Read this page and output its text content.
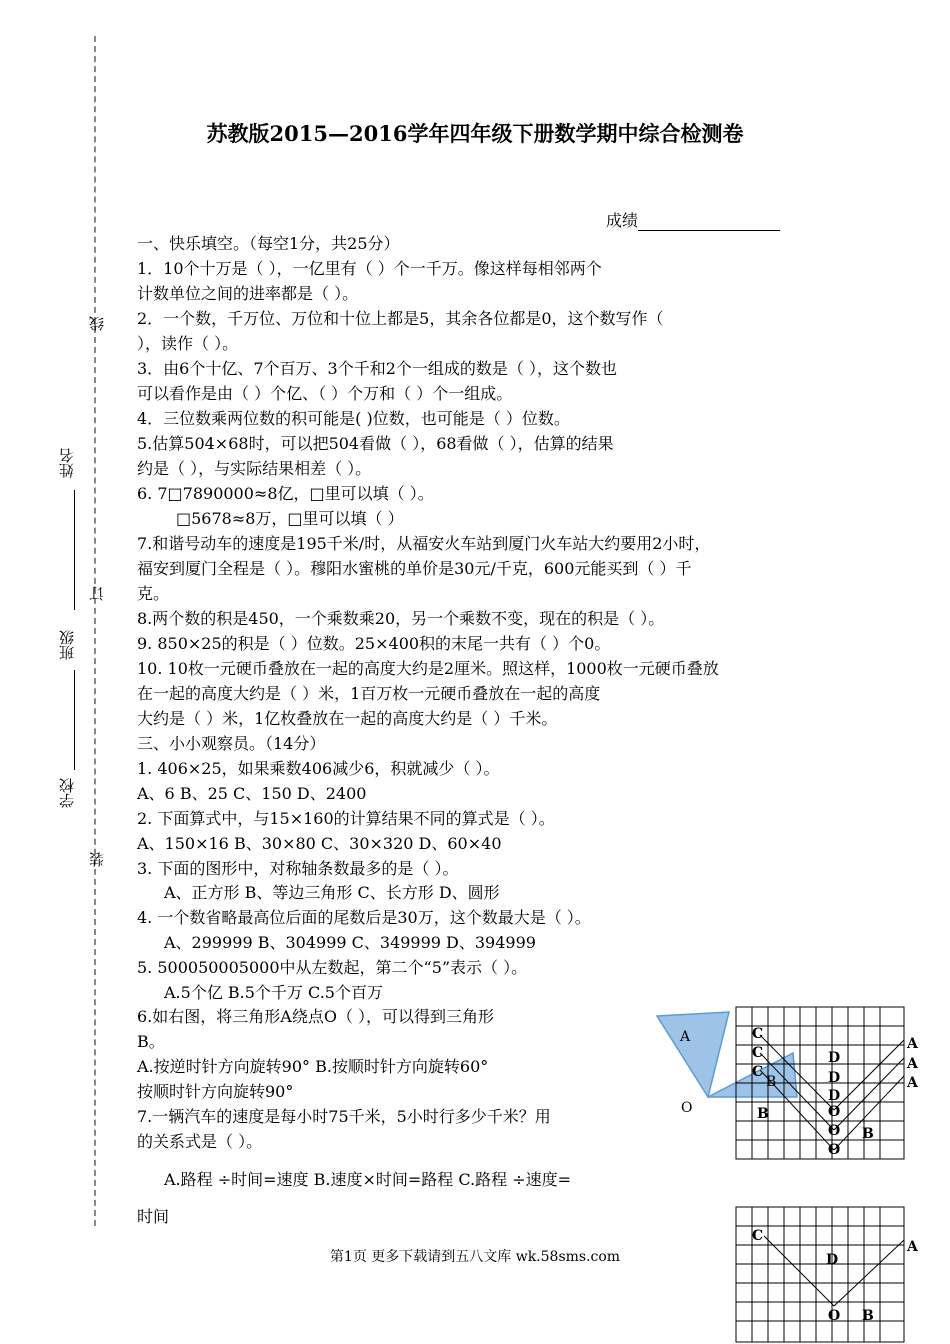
线
姓名
订
班级
学校
装
苏教版2015—2016学年四年级下册数学期中综合检测卷
成绩
一、快乐填空。（每空1分，共25分）
1．10个十万是（ ），一亿里有（ ）个一千万。像这样每相邻两个
计数单位之间的进率都是（ ）。
2．一个数，千万位、万位和十位上都是5，其余各位都是0，这个数写作（
），读作（ ）。
3．由6个十亿、7个百万、3个千和2个一组成的数是（ ），这个数也
可以看作是由（ ）个亿、（ ）个万和（ ）个一组成。
4．三位数乘两位数的积可能是( )位数，也可能是（ ）位数。
5.估算504×68时，可以把504看做（ ），68看做（ ），估算的结果
约是（ ），与实际结果相差（ ）。
6. 7□7890000≈8亿，□里可以填（ ）。
□5678≈8万，□里可以填（ ）
7.和谐号动车的速度是195千米/时，从福安火车站到厦门火车站大约要用2小时，
福安到厦门全程是（ ）。穆阳水蜜桃的单价是30元/千克，600元能买到（ ）千
克。
8.两个数的积是450，一个乘数乘20，另一个乘数不变，现在的积是（ ）。
9. 850×25的积是（ ）位数。25×400积的末尾一共有（ ）个0。
10. 10枚一元硬币叠放在一起的高度大约是2厘米。照这样，1000枚一元硬币叠放
在一起的高度大约是（ ）米，1百万枚一元硬币叠放在一起的高度
大约是（ ）米，1亿枚叠放在一起的高度大约是（ ）千米。
三、小小观察员。（14分）
1. 406×25，如果乘数406减少6，积就减少（ ）。
A、6 B、25 C、150 D、2400
2. 下面算式中，与15×160的计算结果不同的算式是（ ）。
A、150×16 B、30×80 C、30×320 D、60×40
3. 下面的图形中，对称轴条数最多的是（ ）。
A、正方形 B、等边三角形 C、长方形 D、圆形
4. 一个数省略最高位后面的尾数后是30万，这个数最大是（ ）。
A、299999 B、304999 C、349999 D、394999
5. 500050005000中从左数起，第二个“5”表示（ ）。
A.5个亿 B.5个千万 C.5个百万
6.如右图，将三角形A绕点O（ ），可以得到三角形
B。
A.按逆时针方向旋转90° B.按顺时针方向旋转60°
按顺时针方向旋转90°
7.一辆汽车的速度是每小时75千米，5小时行多少千米？用
的关系式是（ ）。
A.路程 ÷时间=速度 B.速度×时间=路程 C.路程 ÷速度=
时间
A
B
O
C
C
C
D
D
D
B
B
O
O
O
A
A
A
C
D
A
O B
第1页 更多下载请到五八文库 wk.58sms.com
